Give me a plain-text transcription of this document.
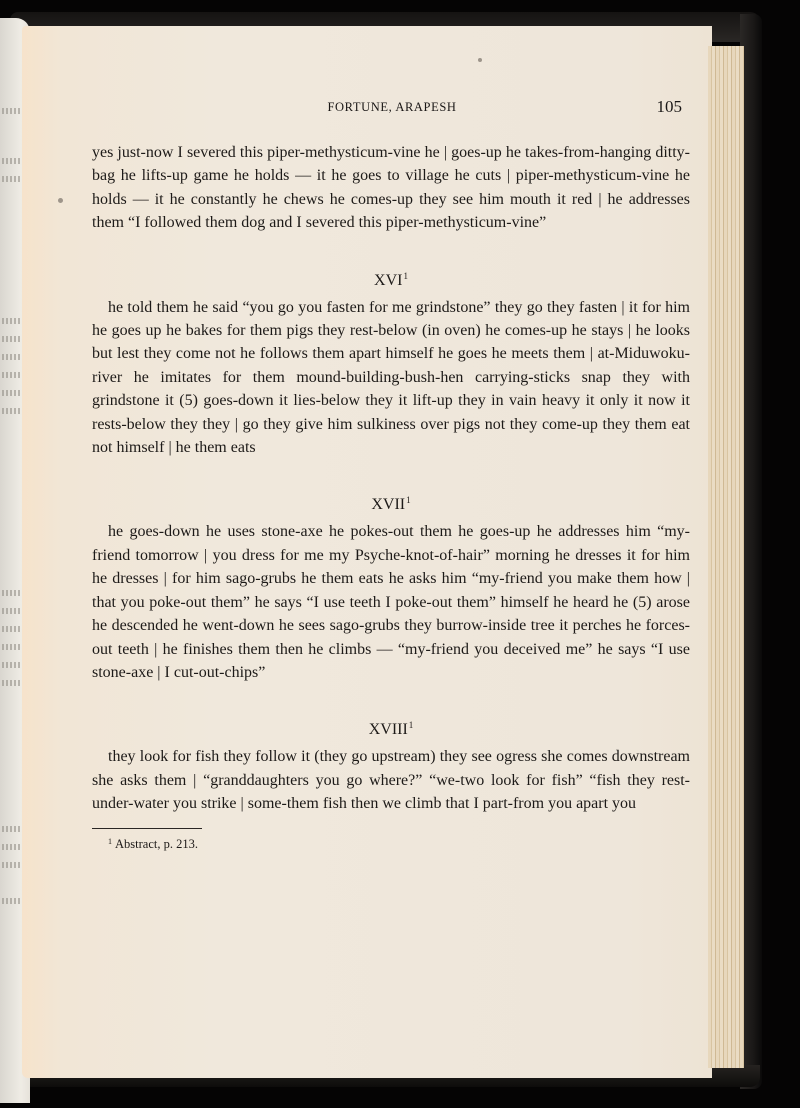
FORTUNE, ARAPESH	105

yes just-now I severed this piper-methysticum-vine he | goes-up he takes-from-hanging ditty-bag he lifts-up game he holds — it he goes to village he cuts | piper-methysticum-vine he holds — it he constantly he chews he comes-up they see him mouth it red | he addresses them “I followed them dog and I severed this piper-methysticum-vine”

XVI$^1$

he told them he said “you go you fasten for me grindstone” they go they fasten | it for him he goes up he bakes for them pigs they rest-below (in oven) he comes-up he stays | he looks but lest they come not he follows them apart himself he goes he meets them | at-Miduwoku-river he imitates for them mound-building-bush-hen carrying-sticks snap they with grindstone it (5) goes-down it lies-below they it lift-up they in vain heavy it only it now it rests-below they they | go they give him sulkiness over pigs not they come-up they them eat not himself | he them eats

XVII$^1$

he goes-down he uses stone-axe he pokes-out them he goes-up he addresses him “my-friend tomorrow | you dress for me my Psyche-knot-of-hair” morning he dresses it for him he dresses | for him sago-grubs he them eats he asks him “my-friend you make them how | that you poke-out them” he says “I use teeth I poke-out them” himself he heard he (5) arose he descended he went-down he sees sago-grubs they burrow-inside tree it perches he forces-out teeth | he finishes them then he climbs — “my-friend you deceived me” he says “I use stone-axe | I cut-out-chips”

XVIII$^1$

they look for fish they follow it (they go upstream) they see ogress she comes downstream she asks them | “granddaughters you go where?” “we-two look for fish” “fish they rest-under-water you strike | some-them fish then we climb that I part-from you apart you

$^1$ Abstract, p. 213.
